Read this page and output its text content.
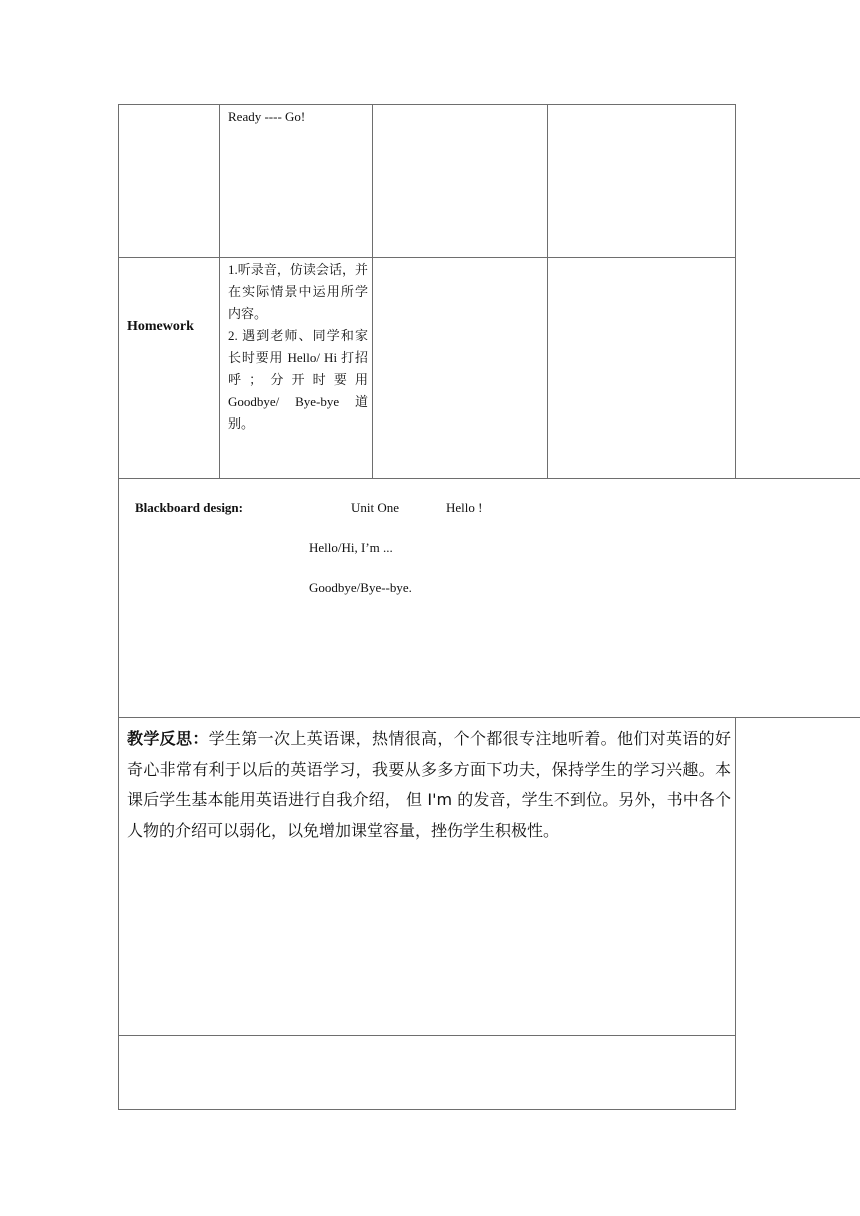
Ready ---- Go!
Homework

1.听录音，仿读会话，并在实际情景中运用所学内容。

2. 遇到老师、同学和家长时要用 Hello/ Hi 打招呼；分开时要用 Goodbye/ Bye-bye 道别。

Blackboard design:	Unit One	Hello !
Hello/Hi, I’m ...
Goodbye/Bye--bye.
教学反思：学生第一次上英语课，热情很高，个个都很专注地听着。他们对英语的好奇心非常有利于以后的英语学习，我要从多多方面下功夫，保持学生的学习兴趣。本课后学生基本能用英语进行自我介绍， 但 I'm 的发音，学生不到位。另外，书中各个人物的介绍可以弱化，以免增加课堂容量，挫伤学生积极性。
